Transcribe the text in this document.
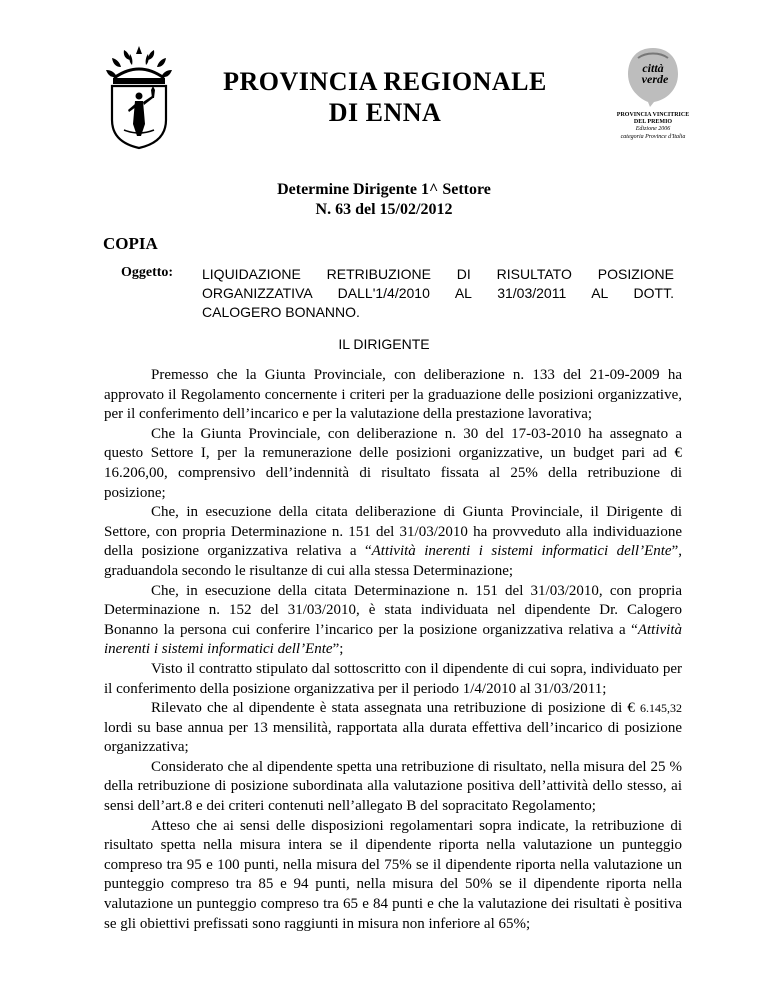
PROVINCIA REGIONALE
DI ENNA
città
verde
PROVINCIA VINCITRICE
DEL PREMIO
Edizione 2006
categoria Province d'Italia
Determine Dirigente 1^ Settore
N. 63 del 15/02/2012
COPIA
Oggetto: LIQUIDAZIONE RETRIBUZIONE DI RISULTATO POSIZIONE ORGANIZZATIVA DALL'1/4/2010 AL 31/03/2011 AL DOTT.
CALOGERO BONANNO.
IL DIRIGENTE

Premesso che la Giunta Provinciale, con deliberazione n. 133 del 21-09-2009 ha approvato il Regolamento concernente i criteri per la graduazione delle posizioni organizzative, per il conferimento dell’incarico e per la valutazione della prestazione lavorativa;

Che la Giunta Provinciale, con deliberazione n. 30 del 17-03-2010 ha assegnato a questo Settore I, per la remunerazione delle posizioni organizzative, un budget pari ad € 16.206,00, comprensivo dell’indennità di risultato fissata al 25% della retribuzione di posizione;

Che, in esecuzione della citata deliberazione di Giunta Provinciale, il Dirigente di Settore, con propria Determinazione n. 151 del 31/03/2010 ha provveduto alla individuazione della posizione organizzativa relativa a “Attività inerenti i sistemi informatici dell’Ente”, graduandola secondo le risultanze di cui alla stessa Determinazione;

Che, in esecuzione della citata Determinazione n. 151 del 31/03/2010, con propria Determinazione n. 152 del 31/03/2010, è stata individuata nel dipendente Dr. Calogero Bonanno la persona cui conferire l’incarico per la posizione organizzativa relativa a “Attività inerenti i sistemi informatici dell’Ente”;

Visto il contratto stipulato dal sottoscritto con il dipendente di cui sopra, individuato per il conferimento della posizione organizzativa per il periodo 1/4/2010 al 31/03/2011;

Rilevato che al dipendente è stata assegnata una retribuzione di posizione di € 6.145,32 lordi su base annua per 13 mensilità, rapportata alla durata effettiva dell’incarico di posizione organizzativa;

Considerato che al dipendente spetta una retribuzione di risultato, nella misura del 25 % della retribuzione di posizione subordinata alla valutazione positiva dell’attività dello stesso, ai sensi dell’art.8 e dei criteri contenuti nell’allegato B del sopracitato Regolamento;

Atteso che ai sensi delle disposizioni regolamentari sopra indicate, la retribuzione di risultato spetta nella misura intera se il dipendente riporta nella valutazione un punteggio compreso tra 95 e 100 punti, nella misura del 75% se il dipendente riporta nella valutazione un punteggio compreso tra 85 e 94 punti, nella misura del 50% se il dipendente riporta nella valutazione un punteggio compreso tra 65 e 84 punti e che la valutazione dei risultati è positiva se gli obiettivi prefissati sono raggiunti in misura non inferiore al 65%;
